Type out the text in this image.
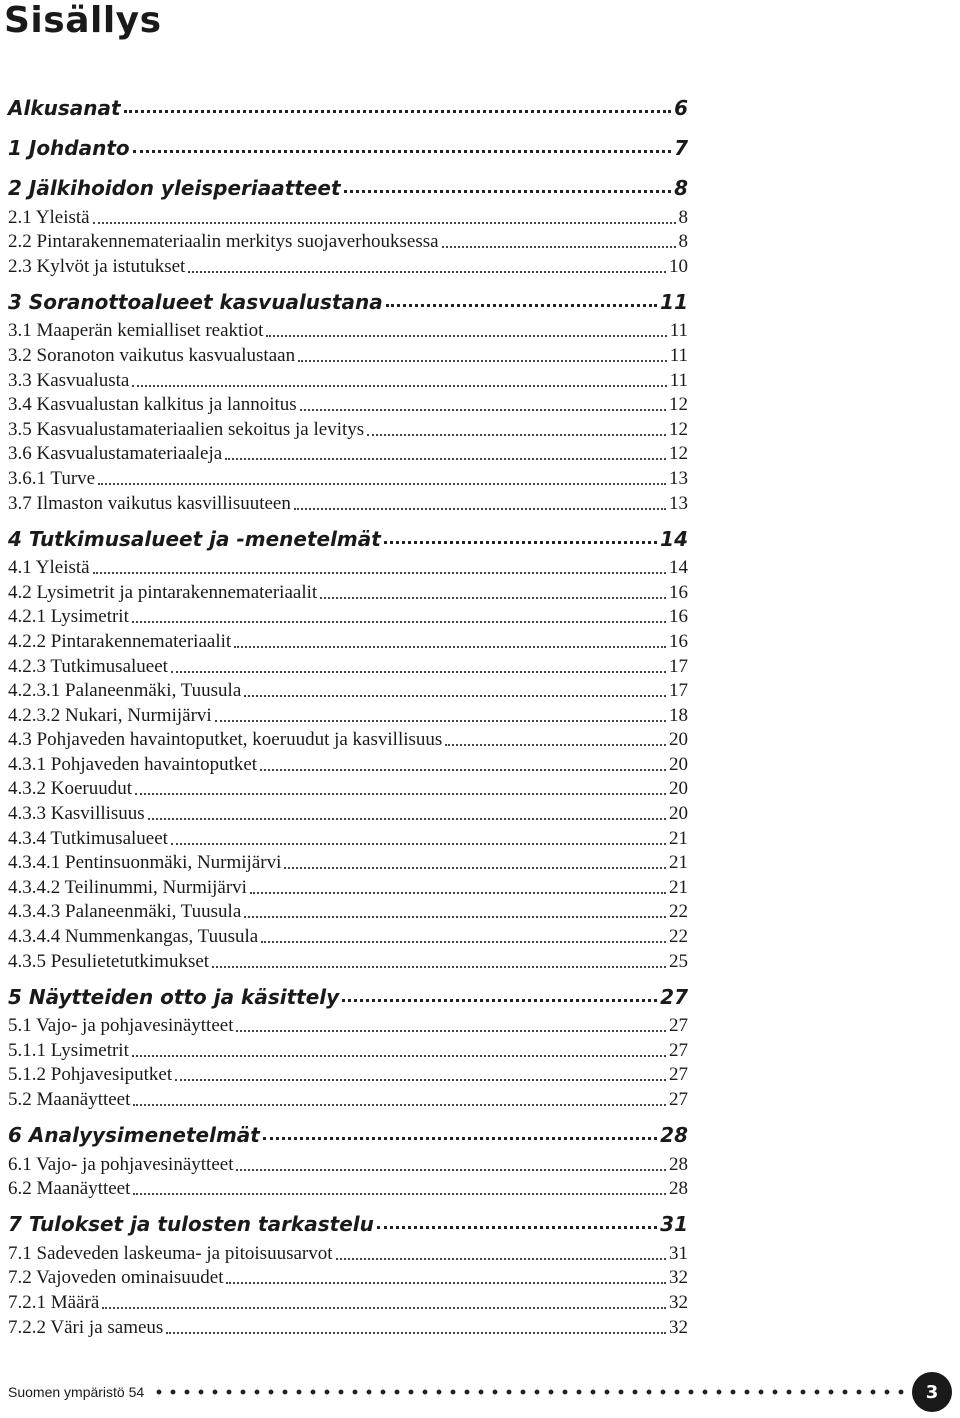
Sisällys
Alkusanat	6
1 Johdanto	7
2 Jälkihoidon yleisperiaatteet	8
2.1 Yleistä	8
2.2 Pintarakennemateriaalin merkitys suojaverhouksessa	8
2.3 Kylvöt ja istutukset	10
3 Soranottoalueet kasvualustana	11
3.1 Maaperän kemialliset reaktiot	11
3.2 Soranoton vaikutus kasvualustaan	11
3.3 Kasvualusta	11
3.4 Kasvualustan kalkitus ja lannoitus	12
3.5 Kasvualustamateriaalien sekoitus ja levitys	12
3.6 Kasvualustamateriaaleja	12
3.6.1 Turve	13
3.7 Ilmaston vaikutus kasvillisuuteen	13
4 Tutkimusalueet ja -menetelmät	14
4.1 Yleistä	14
4.2 Lysimetrit ja pintarakennemateriaalit	16
4.2.1 Lysimetrit	16
4.2.2 Pintarakennemateriaalit	16
4.2.3 Tutkimusalueet	17
4.2.3.1 Palaneenmäki, Tuusula	17
4.2.3.2 Nukari, Nurmijärvi	18
4.3 Pohjaveden havaintoputket, koeruudut ja kasvillisuus	20
4.3.1 Pohjaveden havaintoputket	20
4.3.2 Koeruudut	20
4.3.3 Kasvillisuus	20
4.3.4 Tutkimusalueet	21
4.3.4.1 Pentinsuonmäki, Nurmijärvi	21
4.3.4.2 Teilinummi, Nurmijärvi	21
4.3.4.3 Palaneenmäki, Tuusula	22
4.3.4.4 Nummenkangas, Tuusula	22
4.3.5 Pesulietetutkimukset	25
5 Näytteiden otto ja käsittely	27
5.1 Vajo- ja pohjavesinäytteet	27
5.1.1 Lysimetrit	27
5.1.2 Pohjavesiputket	27
5.2 Maanäytteet	27
6 Analyysimenetelmät	28
6.1 Vajo- ja pohjavesinäytteet	28
6.2 Maanäytteet	28
7 Tulokset ja tulosten tarkastelu	31
7.1 Sadeveden laskeuma- ja pitoisuusarvot	31
7.2 Vajoveden ominaisuudet	32
7.2.1 Määrä	32
7.2.2 Väri ja sameus	32
Suomen ympäristö 54	3
